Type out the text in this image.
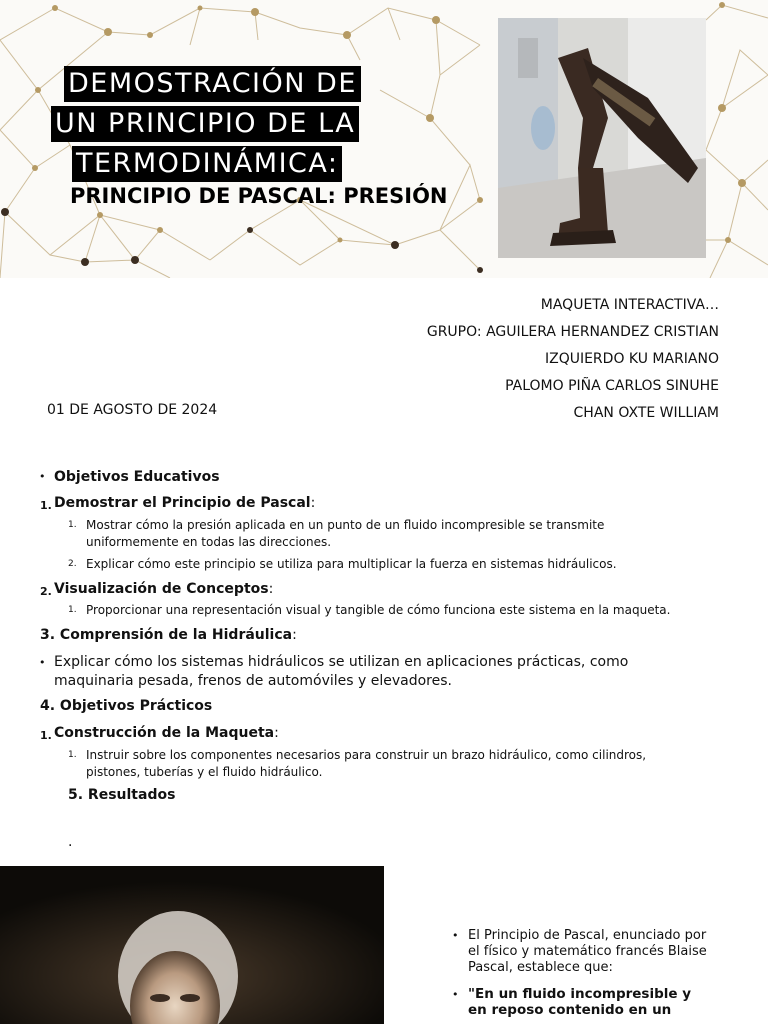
DEMOSTRACIÓN DE
UN PRINCIPIO DE LA
TERMODINÁMICA:
PRINCIPIO DE PASCAL: PRESIÓN
MAQUETA INTERACTIVA…
GRUPO: AGUILERA HERNANDEZ CRISTIAN
IZQUIERDO KU MARIANO
PALOMO PIÑA CARLOS SINUHE
CHAN OXTE WILLIAM
01 DE AGOSTO DE 2024
• Objetivos Educativos
1. Demostrar el Principio de Pascal:
1. Mostrar cómo la presión aplicada en un punto de un fluido incompresible se transmite uniformemente en todas las direcciones.
2. Explicar cómo este principio se utiliza para multiplicar la fuerza en sistemas hidráulicos.
2. Visualización de Conceptos:
1. Proporcionar una representación visual y tangible de cómo funciona este sistema en la maqueta.
3. Comprensión de la Hidráulica:
• Explicar cómo los sistemas hidráulicos se utilizan en aplicaciones prácticas, como maquinaria pesada, frenos de automóviles y elevadores.
4. Objetivos Prácticos
1. Construcción de la Maqueta:
1. Instruir sobre los componentes necesarios para construir un brazo hidráulico, como cilindros, pistones, tuberías y el fluido hidráulico.
5. Resultados
.
• El Principio de Pascal, enunciado por el físico y matemático francés Blaise Pascal, establece que:
• "En un fluido incompresible y en reposo contenido en un
